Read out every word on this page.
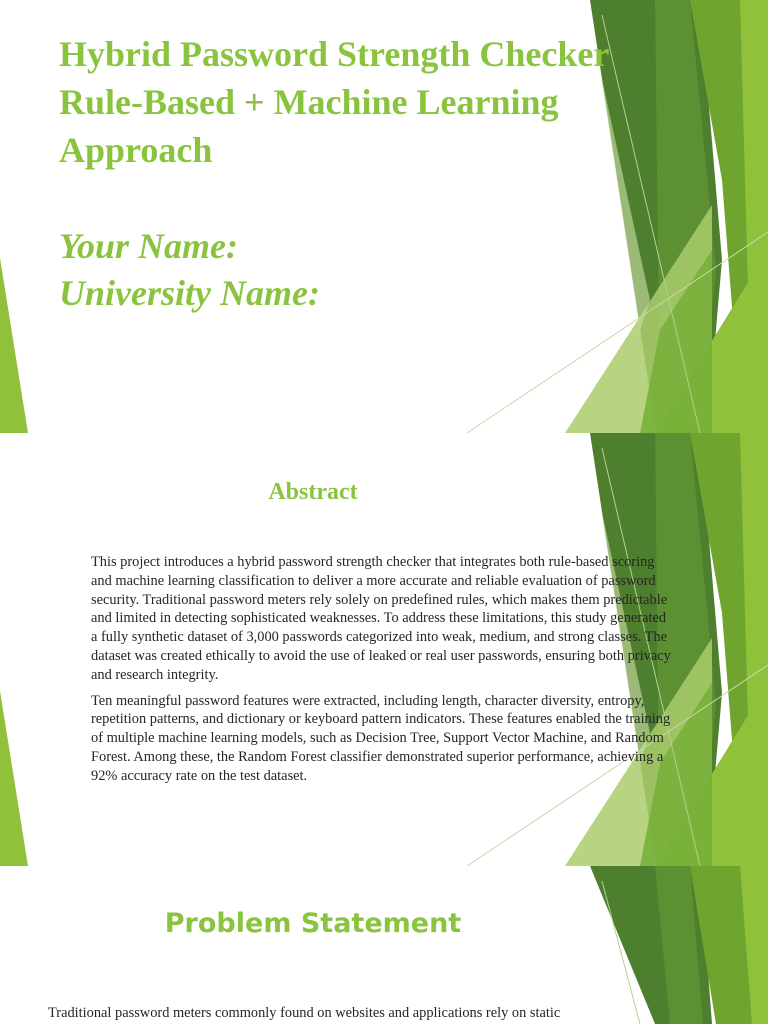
Hybrid Password Strength Checker
Rule-Based + Machine Learning
Approach
Your Name:
University Name:
Abstract

This project introduces a hybrid password strength checker that integrates both rule-based scoring and machine learning classification to deliver a more accurate and reliable evaluation of password security. Traditional password meters rely solely on predefined rules, which makes them predictable and limited in detecting sophisticated weaknesses. To address these limitations, this study generated a fully synthetic dataset of 3,000 passwords categorized into weak, medium, and strong classes. The dataset was created ethically to avoid the use of leaked or real user passwords, ensuring both privacy and research integrity.

Ten meaningful password features were extracted, including length, character diversity, entropy, repetition patterns, and dictionary or keyboard pattern indicators. These features enabled the training of multiple machine learning models, such as Decision Tree, Support Vector Machine, and Random Forest. Among these, the Random Forest classifier demonstrated superior performance, achieving a 92% accuracy rate on the test dataset.

Problem Statement

Traditional password meters commonly found on websites and applications rely on static
